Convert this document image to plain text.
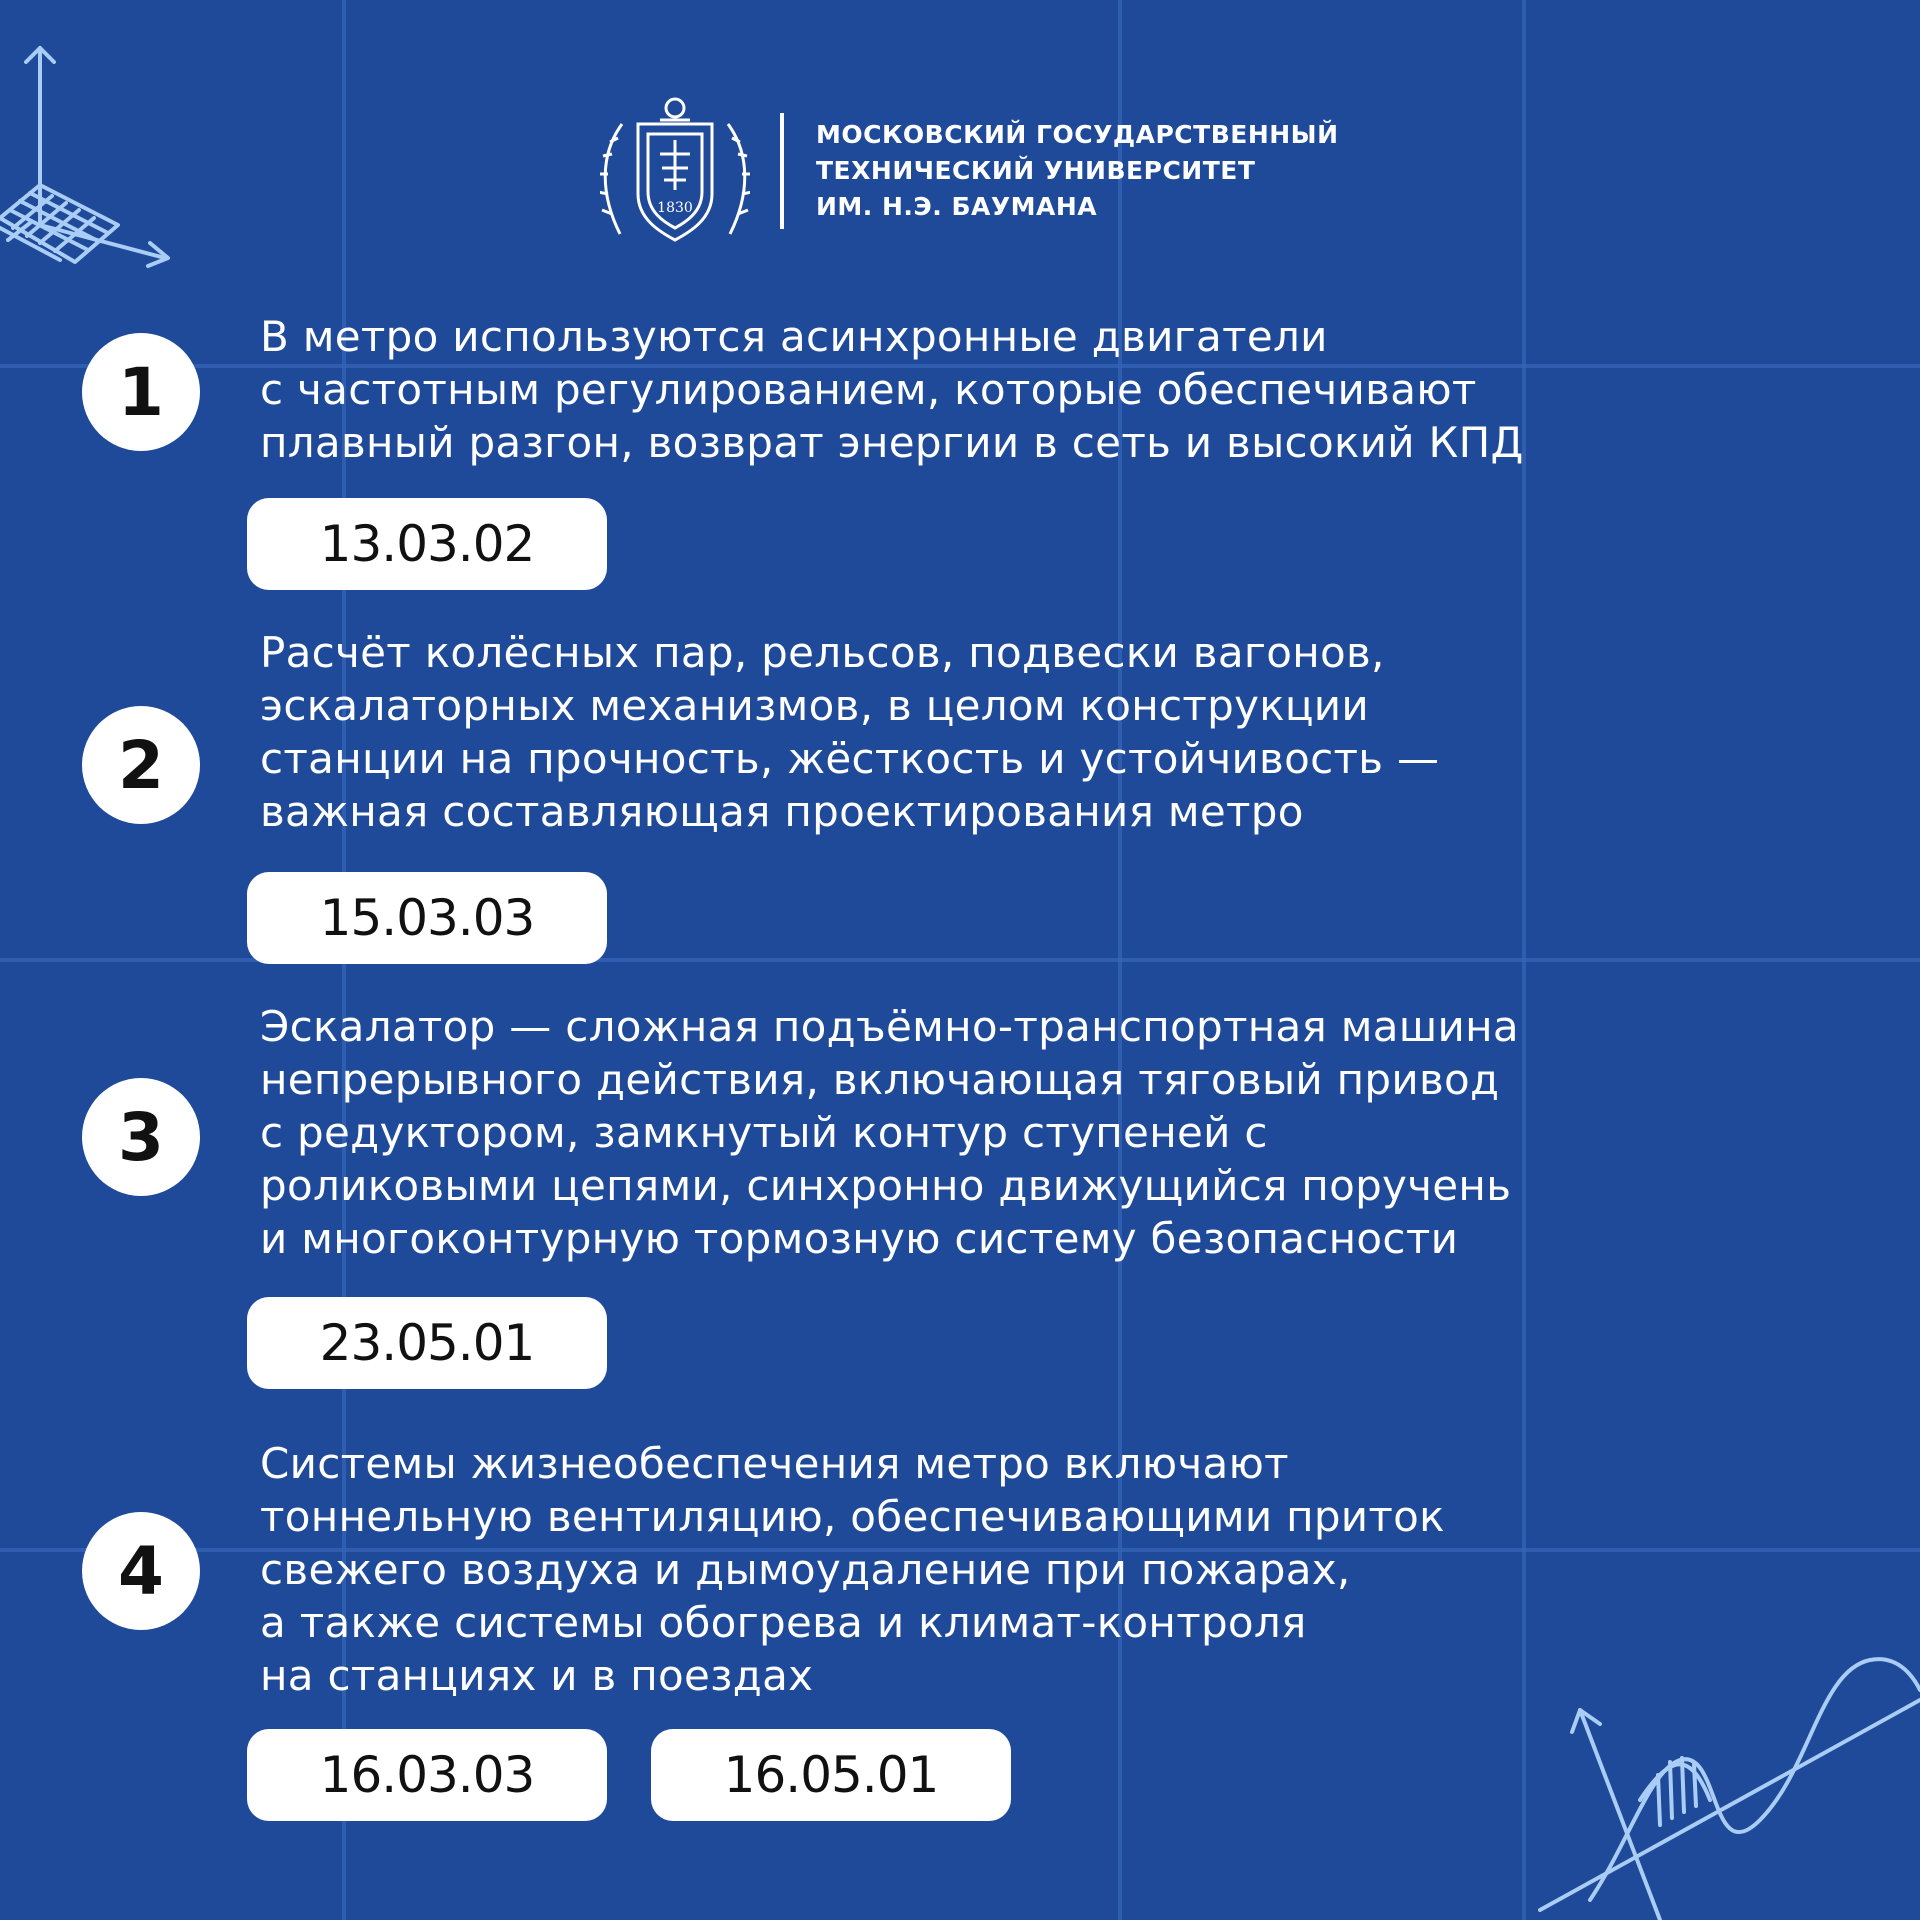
1830
МОСКОВСКИЙ ГОСУДАРСТВЕННЫЙ
ТЕХНИЧЕСКИЙ УНИВЕРСИТЕТ
ИМ. Н.Э. БАУМАНА
1
В метро используются асинхронные двигатели
с частотным регулированием, которые обеспечивают
плавный разгон, возврат энергии в сеть и высокий КПД
13.03.02
2
Расчёт колёсных пар, рельсов, подвески вагонов,
эскалаторных механизмов, в целом конструкции
станции на прочность, жёсткость и устойчивость —
важная составляющая проектирования метро
15.03.03
3
Эскалатор — сложная подъёмно-транспортная машина
непрерывного действия, включающая тяговый привод
с редуктором, замкнутый контур ступеней с
роликовыми цепями, синхронно движущийся поручень
и многоконтурную тормозную систему безопасности
23.05.01
4
Системы жизнеобеспечения метро включают
тоннельную вентиляцию, обеспечивающими приток
свежего воздуха и дымоудаление при пожарах,
а также системы обогрева и климат-контроля
на станциях и в поездах
16.03.03	16.05.01
